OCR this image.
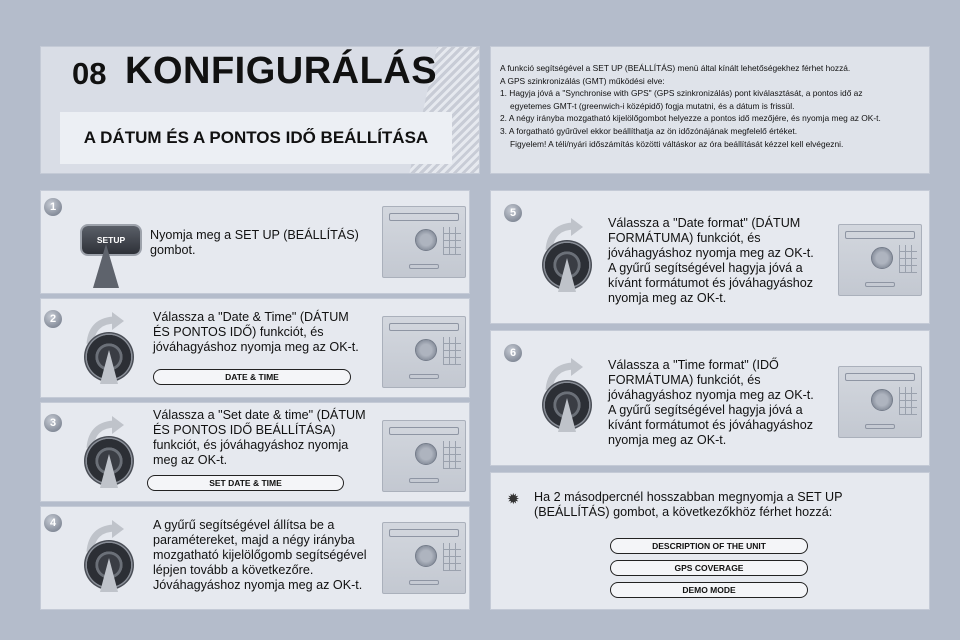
08 KONFIGURÁLÁS
A DÁTUM ÉS A PONTOS IDŐ BEÁLLÍTÁSA
A funkció segítségével a SET UP (BEÁLLÍTÁS) menü által kínált lehetőségekhez férhet hozzá.
A GPS szinkronizálás (GMT) működési elve:
1. Hagyja jóvá a "Synchronise with GPS" (GPS szinkronizálás) pont kiválasztását, a pontos idő az
egyetemes GMT-t (greenwich-i középidő) fogja mutatni, és a dátum is frissül.
2. A négy irányba mozgatható kijelölőgombot helyezze a pontos idő mezőjére, és nyomja meg az OK-t.
3. A forgatható gyűrűvel ekkor beállíthatja az ön időzónájának megfelelő értéket.
Figyelem! A téli/nyári időszámítás közötti váltáskor az óra beállítását kézzel kell elvégezni.
1
SETUP	Nyomja meg a SET UP (BEÁLLÍTÁS) gombot.
2	Válassza a "Date & Time" (DÁTUM ÉS PONTOS IDŐ) funkciót, és jóváhagyáshoz nyomja meg az OK-t.
DATE & TIME
3
Válassza a "Set date & time" (DÁTUM ÉS PONTOS IDŐ BEÁLLÍTÁSA) funkciót, és jóváhagyáshoz nyomja meg az OK-t.
SET DATE & TIME
4	A gyűrű segítségével állítsa be a paramétereket, majd a négy irányba mozgatható kijelölőgomb segítségével lépjen tovább a következőre. Jóváhagyáshoz nyomja meg az OK-t.
5
Válassza a "Date format" (DÁTUM FORMÁTUMA) funkciót, és jóváhagyáshoz nyomja meg az OK-t. A gyűrű segítségével hagyja jóvá a kívánt formátumot és jóváhagyáshoz nyomja meg az OK-t.
6
Válassza a "Time format" (IDŐ FORMÁTUMA) funkciót, és jóváhagyáshoz nyomja meg az OK-t. A gyűrű segítségével hagyja jóvá a kívánt formátumot és jóváhagyáshoz nyomja meg az OK-t.
✹ Ha 2 másodpercnél hosszabban megnyomja a SET UP (BEÁLLÍTÁS) gombot, a következőkhöz férhet hozzá:
DESCRIPTION OF THE UNIT
GPS COVERAGE
DEMO MODE
